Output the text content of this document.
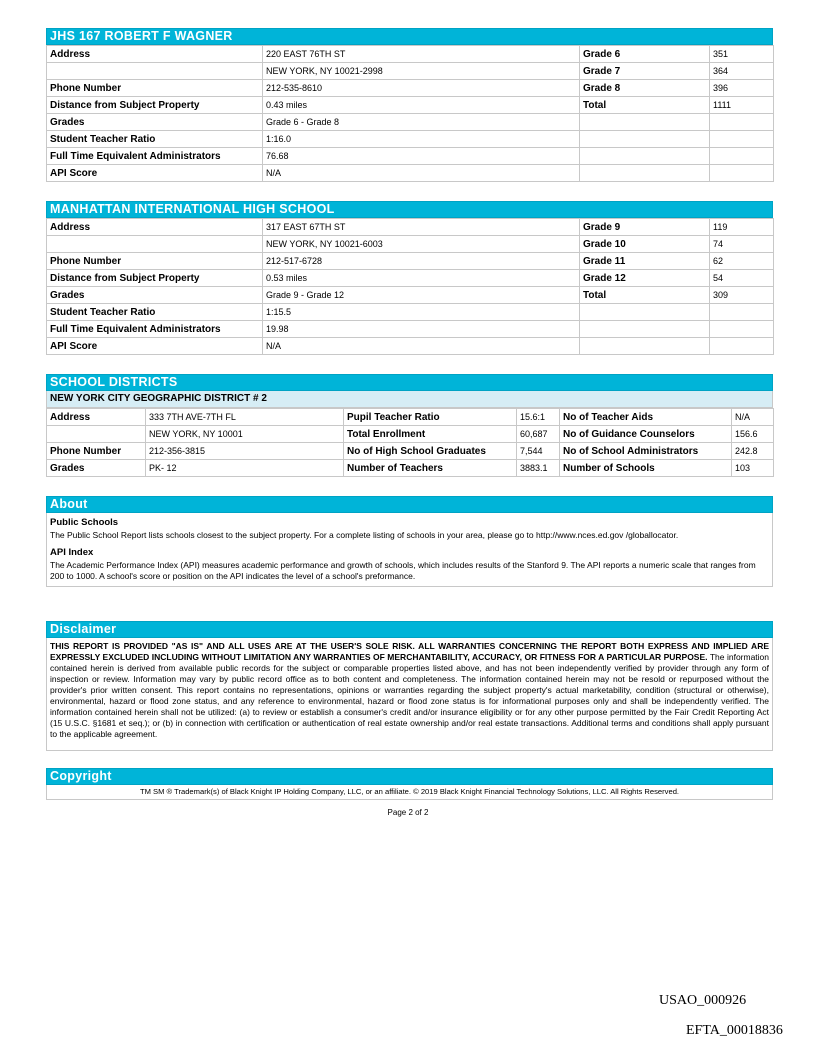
JHS 167 ROBERT F WAGNER
Address	220 EAST 76TH ST	Grade 6	351
	NEW YORK, NY 10021-2998	Grade 7	364
Phone Number	212-535-8610	Grade 8	396
Distance from Subject Property	0.43 miles	Total	1111
Grades	Grade 6 - Grade 8		
Student Teacher Ratio	1:16.0		
Full Time Equivalent Administrators	76.68		
API Score	N/A		
MANHATTAN INTERNATIONAL HIGH SCHOOL
Address	317 EAST 67TH ST	Grade 9	119
	NEW YORK, NY 10021-6003	Grade 10	74
Phone Number	212-517-6728	Grade 11	62
Distance from Subject Property	0.53 miles	Grade 12	54
Grades	Grade 9 - Grade 12	Total	309
Student Teacher Ratio	1:15.5		
Full Time Equivalent Administrators	19.98		
API Score	N/A		
SCHOOL DISTRICTS
NEW YORK CITY GEOGRAPHIC DISTRICT # 2
Address	333 7TH AVE-7TH FL	Pupil Teacher Ratio	15.6:1	No of Teacher Aids	N/A
	NEW YORK, NY 10001	Total Enrollment	60,687	No of Guidance Counselors	156.6
Phone Number	212-356-3815	No of High School Graduates	7,544	No of School Administrators	242.8
Grades	PK- 12	Number of Teachers	3883.1	Number of Schools	103
About
Public Schools

The Public School Report lists schools closest to the subject property. For a complete listing of schools in your area, please go to http://www.nces.ed.gov /globallocator.

API Index

The Academic Performance Index (API) measures academic performance and growth of schools, which includes results of the Stanford 9. The API reports a numeric scale that ranges from 200 to 1000. A school's score or position on the API indicates the level of a school's preformance.

Disclaimer

THIS REPORT IS PROVIDED "AS IS" AND ALL USES ARE AT THE USER'S SOLE RISK. ALL WARRANTIES CONCERNING THE REPORT BOTH EXPRESS AND IMPLIED ARE EXPRESSLY EXCLUDED INCLUDING WITHOUT LIMITATION ANY WARRANTIES OF MERCHANTABILITY, ACCURACY, OR FITNESS FOR A PARTICULAR PURPOSE. The information contained herein is derived from available public records for the subject or comparable properties listed above, and has not been independently verified by provider through any form of inspection or review. Information may vary by public record office as to both content and completeness. The information contained herein may not be resold or repurposed without the provider's prior written consent. This report contains no representations, opinions or warranties regarding the subject property's actual marketability, condition (structural or otherwise), environmental, hazard or flood zone status, and any reference to environmental, hazard or flood zone status is for informational purposes only and shall be independently verified. The information contained herein shall not be utilized: (a) to review or establish a consumer's credit and/or insurance eligibility or for any other purpose permitted by the Fair Credit Reporting Act (15 U.S.C. §1681 et seq.); or (b) in connection with certification or authentication of real estate ownership and/or real estate transactions. Additional terms and conditions shall apply pursuant to the applicable agreement.

Copyright
TM SM ® Trademark(s) of Black Knight IP Holding Company, LLC, or an affiliate. © 2019 Black Knight Financial Technology Solutions, LLC. All Rights Reserved.
Page 2 of 2
USAO_000926
EFTA_00018836
